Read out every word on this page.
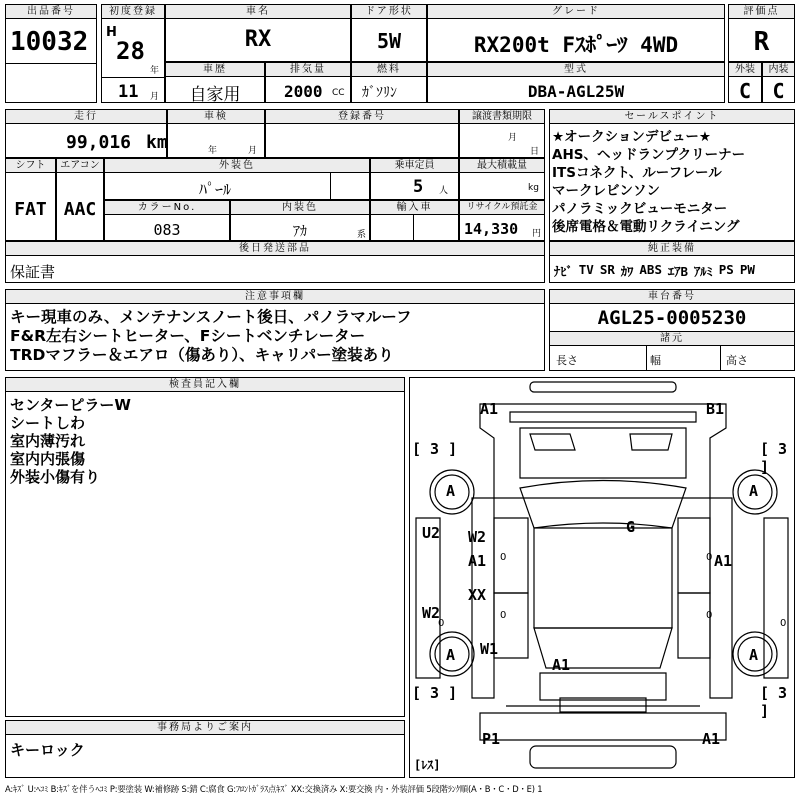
出品番号
10032
初度登録
H
28
年
11 月
車名
RX
ドア形状
5W
グレード
RX200t Fｽﾎﾟｰﾂ 4WD
評価点
R
車歴
自家用
排気量
2000 CC
燃料
ｶﾞｿﾘﾝ
型式
DBA-AGL25W
外装
C
内装
C
走行
99,016 km
車検
年	月
登録番号	譲渡書類期限
月
日
セールスポイント
★オークションデビュー★
AHS、ヘッドランプクリーナー
ITSコネクト、ルーフレール
マークレビンソン
パノラミックビューモニター
後席電格＆電動リクライニング
シフト
FAT
エアコン
AAC
外装色
ﾊﾟｰﾙ
乗車定員
5 人
最大積載量
kg
カラーNo.
083
内装色
ｱｶ	系
輸入車	リサイクル預託金
14,330 円
後日発送部品
保証書
純正装備
ﾅﾋﾞ TV SR ｶﾜ ABS ｴｱB ｱﾙﾐ PS PW
注意事項欄
キー現車のみ、メンテナンスノート後日、パノラマルーフ
F&R左右シートヒーター、Fシートベンチレーター
TRDマフラー＆エアロ（傷あり）、キャリパー塗装あり
車台番号
AGL25-0005230
諸元
長さ	幅	高さ
検査員記入欄
センターピラーW
シートしわ
室内薄汚れ
室内内張傷
外装小傷有り
事務局よりご案内
キーロック
A1	B1
[ 3 ]	[ 3 ]
A	A
U2 W2
A1
G
A1
XX
W2
A W1
A1
A
[ 3 ]	[ 3 ]
P1	A1
[ﾚｽ]
0	0
0	0
0	0
A:ｷｽﾞ U:ﾍｺﾐ B:ｷｽﾞを伴うﾍｺﾐ P:要塗装 W:補修跡 S:錆 C:腐食 G:ﾌﾛﾝﾄｶﾞﾗｽ点ｷｽﾞ XX:交換済み X:要交換 内・外装評価 5段階ﾗﾝｸ順(A・B・C・D・E) 1
